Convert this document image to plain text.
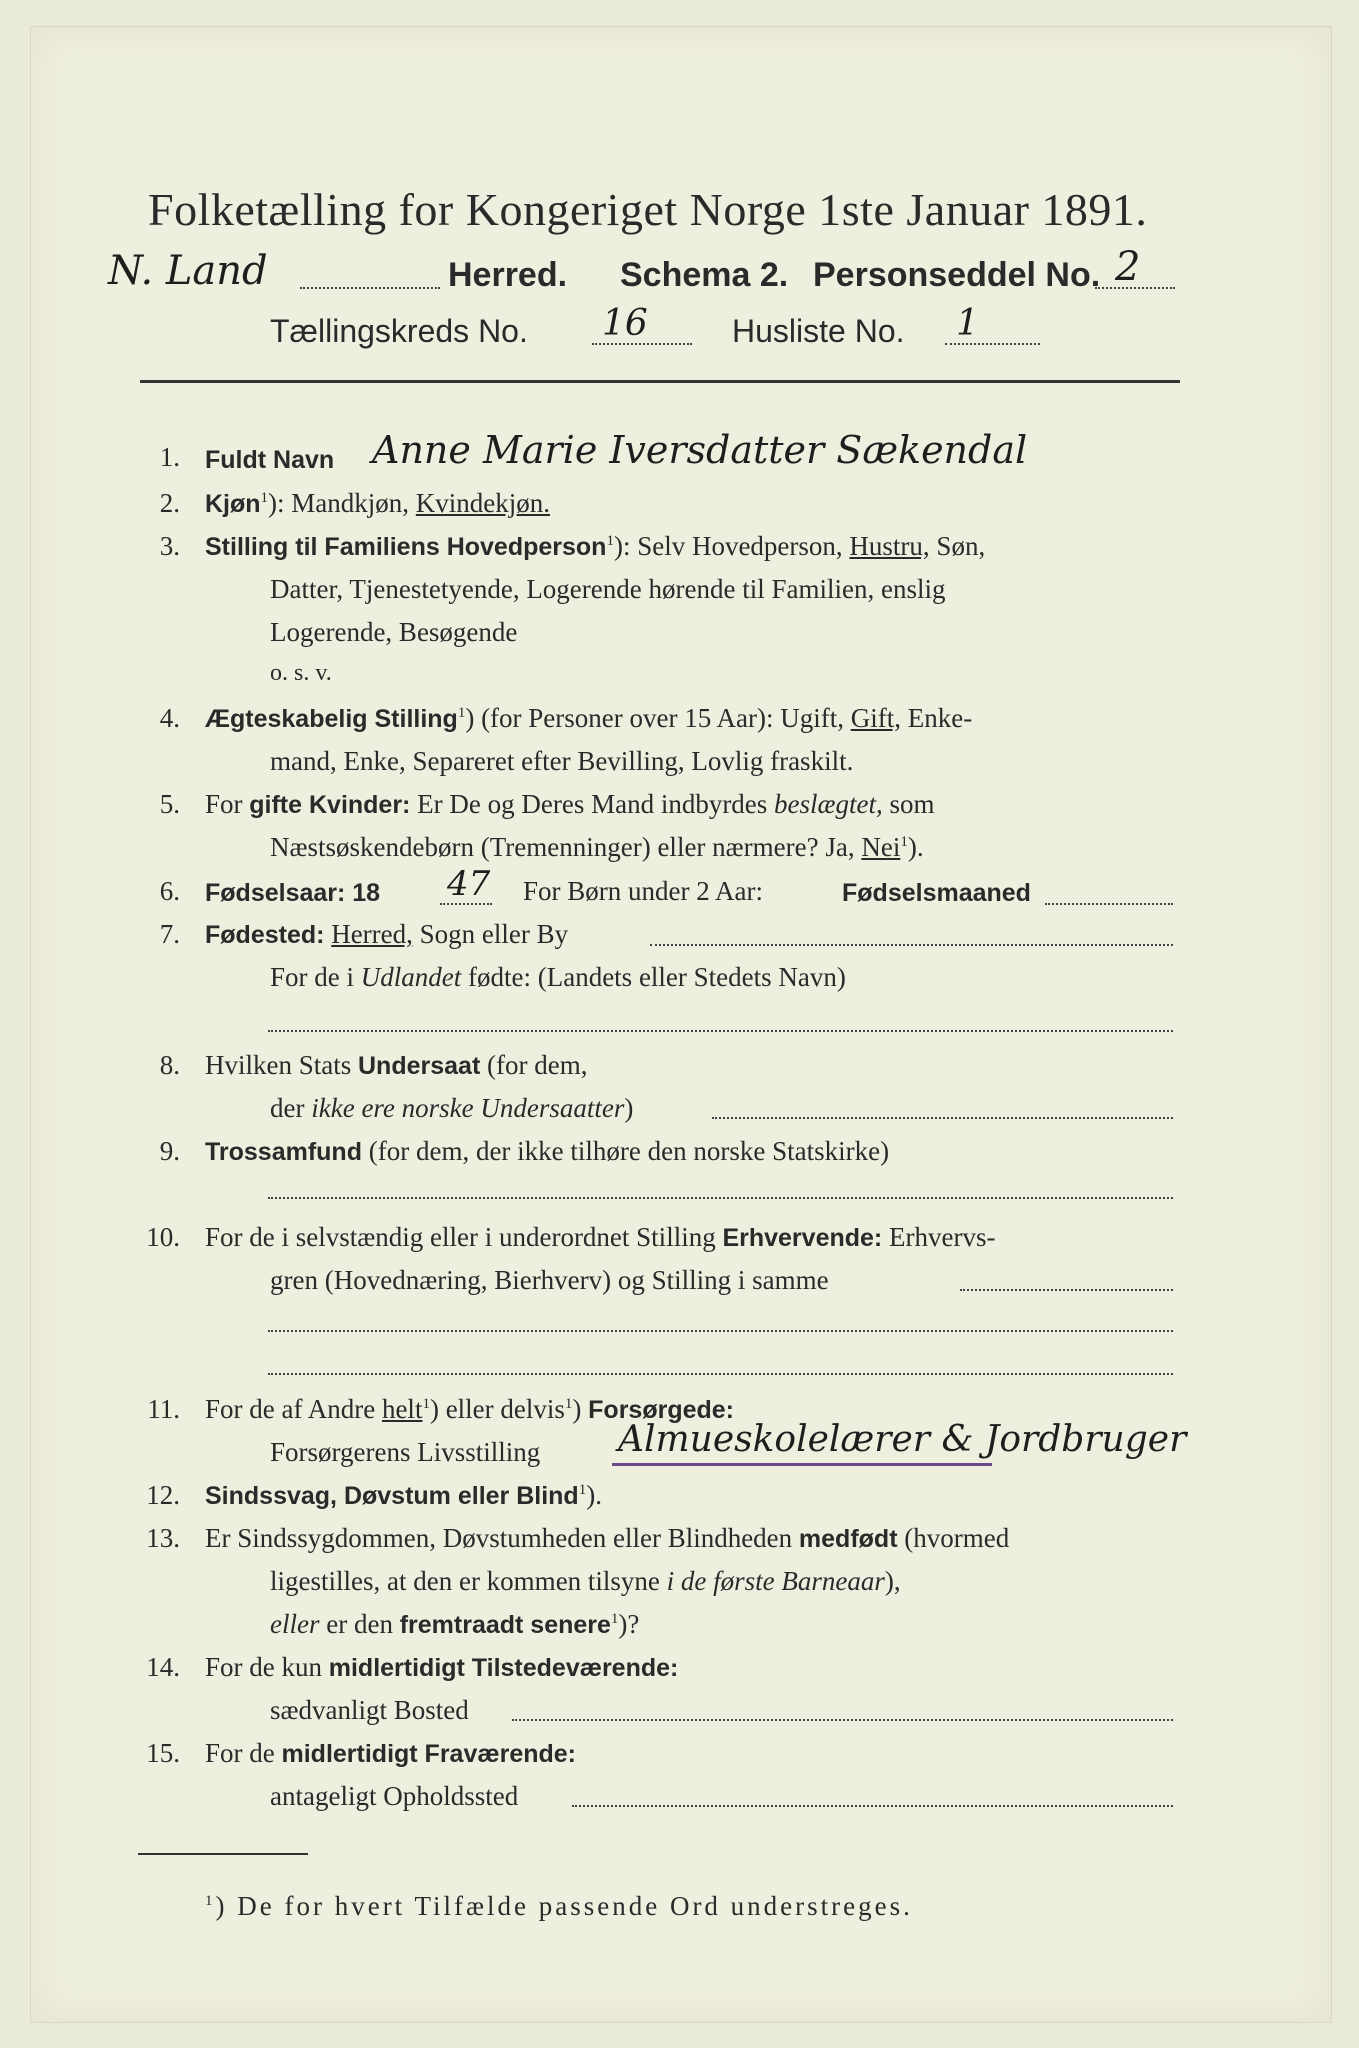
Folketælling for Kongeriget Norge 1ste Januar 1891.
N. Land	Herred. Schema 2. Personseddel No. 2
Tællingskreds No. 16	Husliste No. 1
1. Fuldt Navn Anne Marie Iversdatter Sækendal
2. Kjøn$^1$): Mandkjøn, Kvindekjøn.
3. Stilling til Familiens Hovedperson$^1$): Selv Hovedperson, Hustru, Søn,
Datter, Tjenestetyende, Logerende hørende til Familien, enslig
Logerende, Besøgende
o. s. v.
4. Ægteskabelig Stilling$^1$) (for Personer over 15 Aar): Ugift, Gift, Enke-
mand, Enke, Separeret efter Bevilling, Lovlig fraskilt.
5. For gifte Kvinder: Er De og Deres Mand indbyrdes beslægtet, som
Næstsøskendebørn (Tremenninger) eller nærmere? Ja, Nei$^1$).
6. Fødselsaar: 18 47 For Børn under 2 Aar:	Fødselsmaaned
7. Fødested: Herred, Sogn eller By
For de i Udlandet fødte: (Landets eller Stedets Navn)
8. Hvilken Stats Undersaat (for dem,
der ikke ere norske Undersaatter)
9. Trossamfund (for dem, der ikke tilhøre den norske Statskirke)
10. For de i selvstændig eller i underordnet Stilling Erhvervende: Erhvervs-
gren (Hovednæring, Bierhverv) og Stilling i samme
11. For de af Andre helt$^1$) eller delvis$^1$) Forsørgede:
Forsørgerens Livsstilling Almueskolelærer & Jordbruger
12. Sindssvag, Døvstum eller Blind$^1$).
13. Er Sindssygdommen, Døvstumheden eller Blindheden medfødt (hvormed
ligestilles, at den er kommen tilsyne i de første Barneaar),
eller er den fremtraadt senere$^1$)?
14. For de kun midlertidigt Tilstedeværende:
sædvanligt Bosted
15. For de midlertidigt Fraværende:
antageligt Opholdssted
$^1$) De for hvert Tilfælde passende Ord understreges.
